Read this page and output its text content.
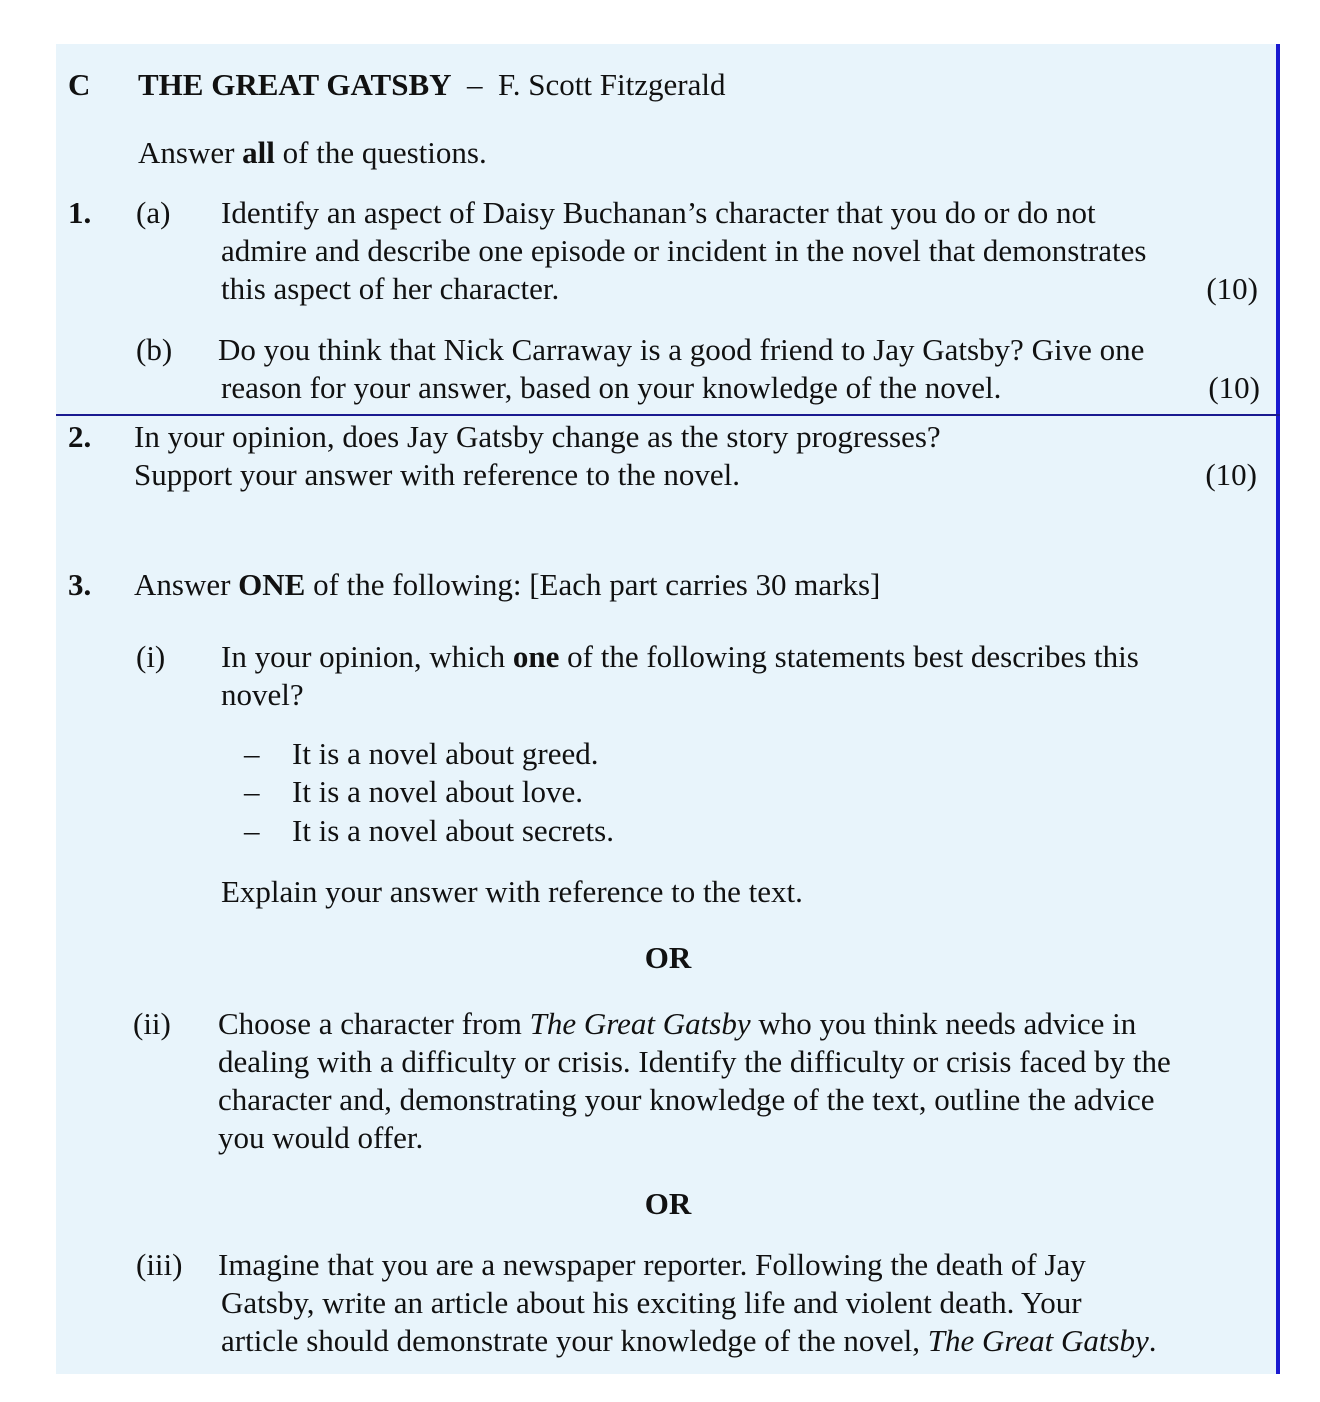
C THE GREAT GATSBY – F. Scott Fitzgerald
Answer all of the questions.
1. (a) Identify an aspect of Daisy Buchanan’s character that you do or do not
admire and describe one episode or incident in the novel that demonstrates
this aspect of her character.	(10)
(b) Do you think that Nick Carraway is a good friend to Jay Gatsby? Give one
reason for your answer, based on your knowledge of the novel.	(10)
2. In your opinion, does Jay Gatsby change as the story progresses?
Support your answer with reference to the novel.	(10)
3. Answer ONE of the following: [Each part carries 30 marks]
(i) In your opinion, which one of the following statements best describes this
novel?
– It is a novel about greed.
– It is a novel about love.
– It is a novel about secrets.
Explain your answer with reference to the text.
OR
(ii) Choose a character from The Great Gatsby who you think needs advice in
dealing with a difficulty or crisis. Identify the difficulty or crisis faced by the
character and, demonstrating your knowledge of the text, outline the advice
you would offer.
OR
(iii) Imagine that you are a newspaper reporter. Following the death of Jay
Gatsby, write an article about his exciting life and violent death. Your
article should demonstrate your knowledge of the novel, The Great Gatsby.
